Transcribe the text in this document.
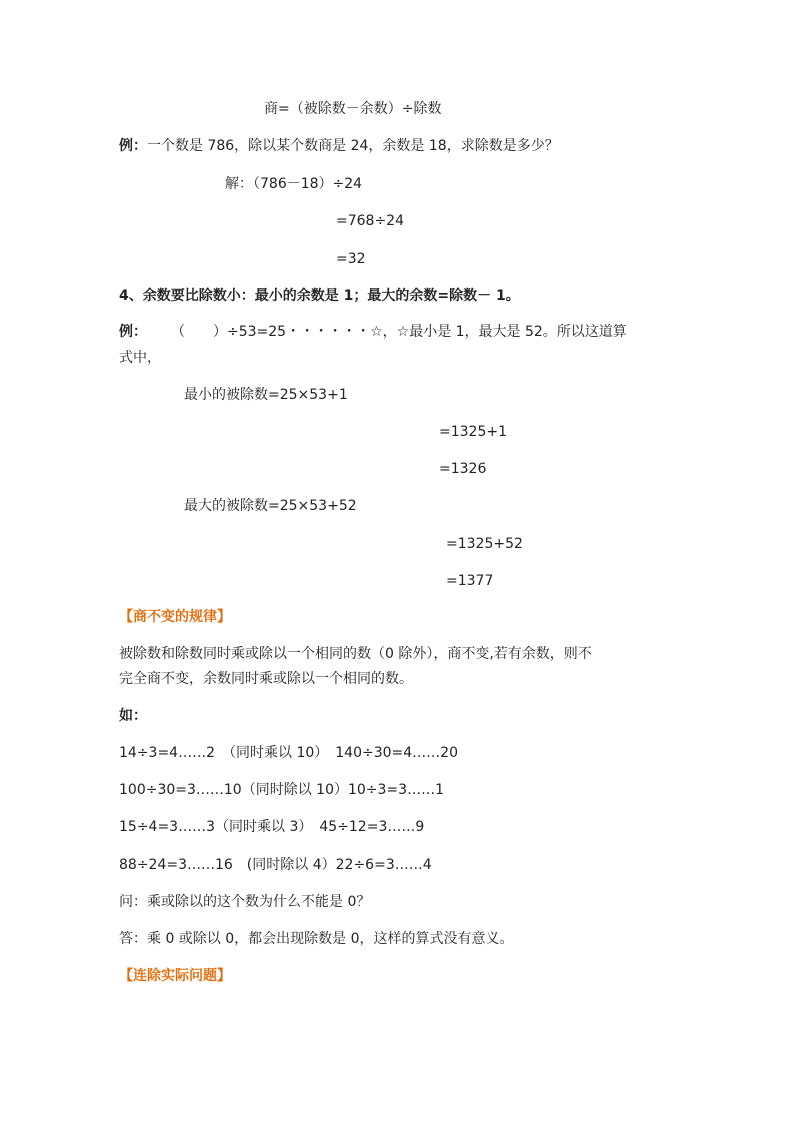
商=（被除数－余数）÷除数
例：一个数是 786，除以某个数商是 24，余数是 18，求除数是多少？
解：（786－18）÷24
=768÷24
=32
4、余数要比除数小：最小的余数是 1；最大的余数=除数－ 1。
例： （　　）÷53=25・・・・・・☆，☆最小是 1，最大是 52。所以这道算
式中，
最小的被除数=25×53+1
=1325+1
=1326
最大的被除数=25×53+52
=1325+52
=1377
【商不变的规律】
被除数和除数同时乘或除以一个相同的数（0 除外），商不变,若有余数，则不
完全商不变，余数同时乘或除以一个相同的数。
如：
14÷3=4……2　（同时乘以 10）　140÷30=4……20
100÷30=3……10（同时除以 10）10÷3=3……1
15÷4=3……3（同时乘以 3）　45÷12=3……9
88÷24=3……16　(同时除以 4）22÷6=3……4
问：乘或除以的这个数为什么不能是 0？
答：乘 0 或除以 0，都会出现除数是 0，这样的算式没有意义。
【连除实际问题】
